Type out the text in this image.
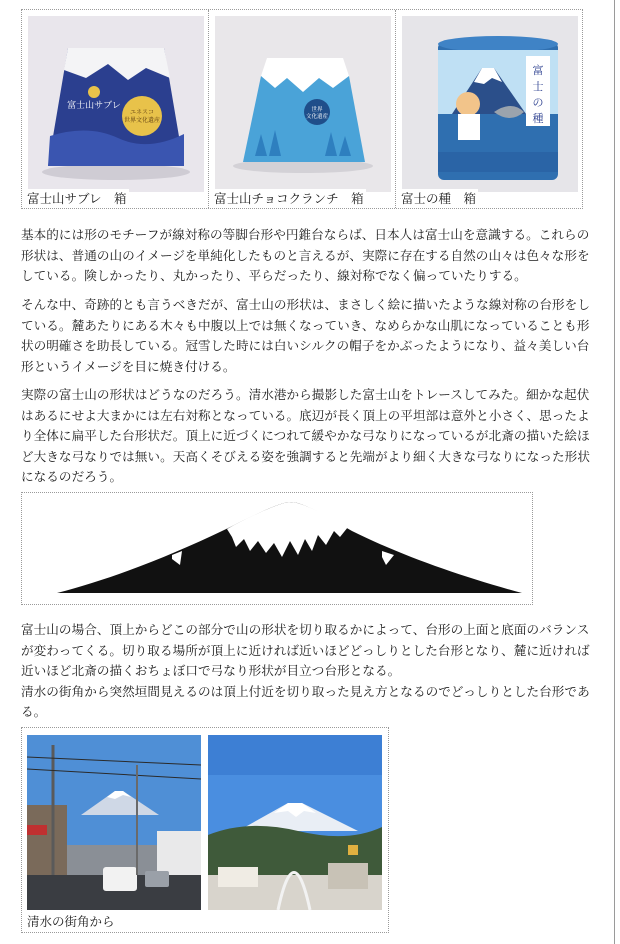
ユネスコ
世界文化遺産
富士山サブレ
富士山サブレ　箱
世界
文化遺産
富士山チョコクランチ　箱
富
士
の
種
富士の種　箱

基本的には形のモチーフが線対称の等脚台形や円錐台ならば、日本人は富士山を意識する。これらの形状は、普通の山のイメージを単純化したものと言えるが、実際に存在する自然の山々は色々な形をしている。険しかったり、丸かったり、平らだったり、線対称でなく偏っていたりする。

そんな中、奇跡的とも言うべきだが、富士山の形状は、まさしく絵に描いたような線対称の台形をしている。麓あたりにある木々も中腹以上では無くなっていき、なめらかな山肌になっていることも形状の明確さを助長している。冠雪した時には白いシルクの帽子をかぶったようになり、益々美しい台形というイメージを目に焼き付ける。

実際の富士山の形状はどうなのだろう。清水港から撮影した富士山をトレースしてみた。細かな起伏はあるにせよ大まかには左右対称となっている。底辺が長く頂上の平坦部は意外と小さく、思ったより全体に扁平した台形状だ。頂上に近づくにつれて緩やかな弓なりになっているが北斎の描いた絵ほど大きな弓なりでは無い。天高くそびえる姿を強調すると先端がより細く大きな弓なりになった形状になるのだろう。

富士山の場合、頂上からどこの部分で山の形状を切り取るかによって、台形の上面と底面のバランスが変わってくる。切り取る場所が頂上に近ければ近いほどどっしりとした台形となり、麓に近ければ近いほど北斎の描くおちょぼ口で弓なり形状が目立つ台形となる。
清水の街角から突然垣間見えるのは頂上付近を切り取った見え方となるのでどっしりとした台形である。
清水の街角から
